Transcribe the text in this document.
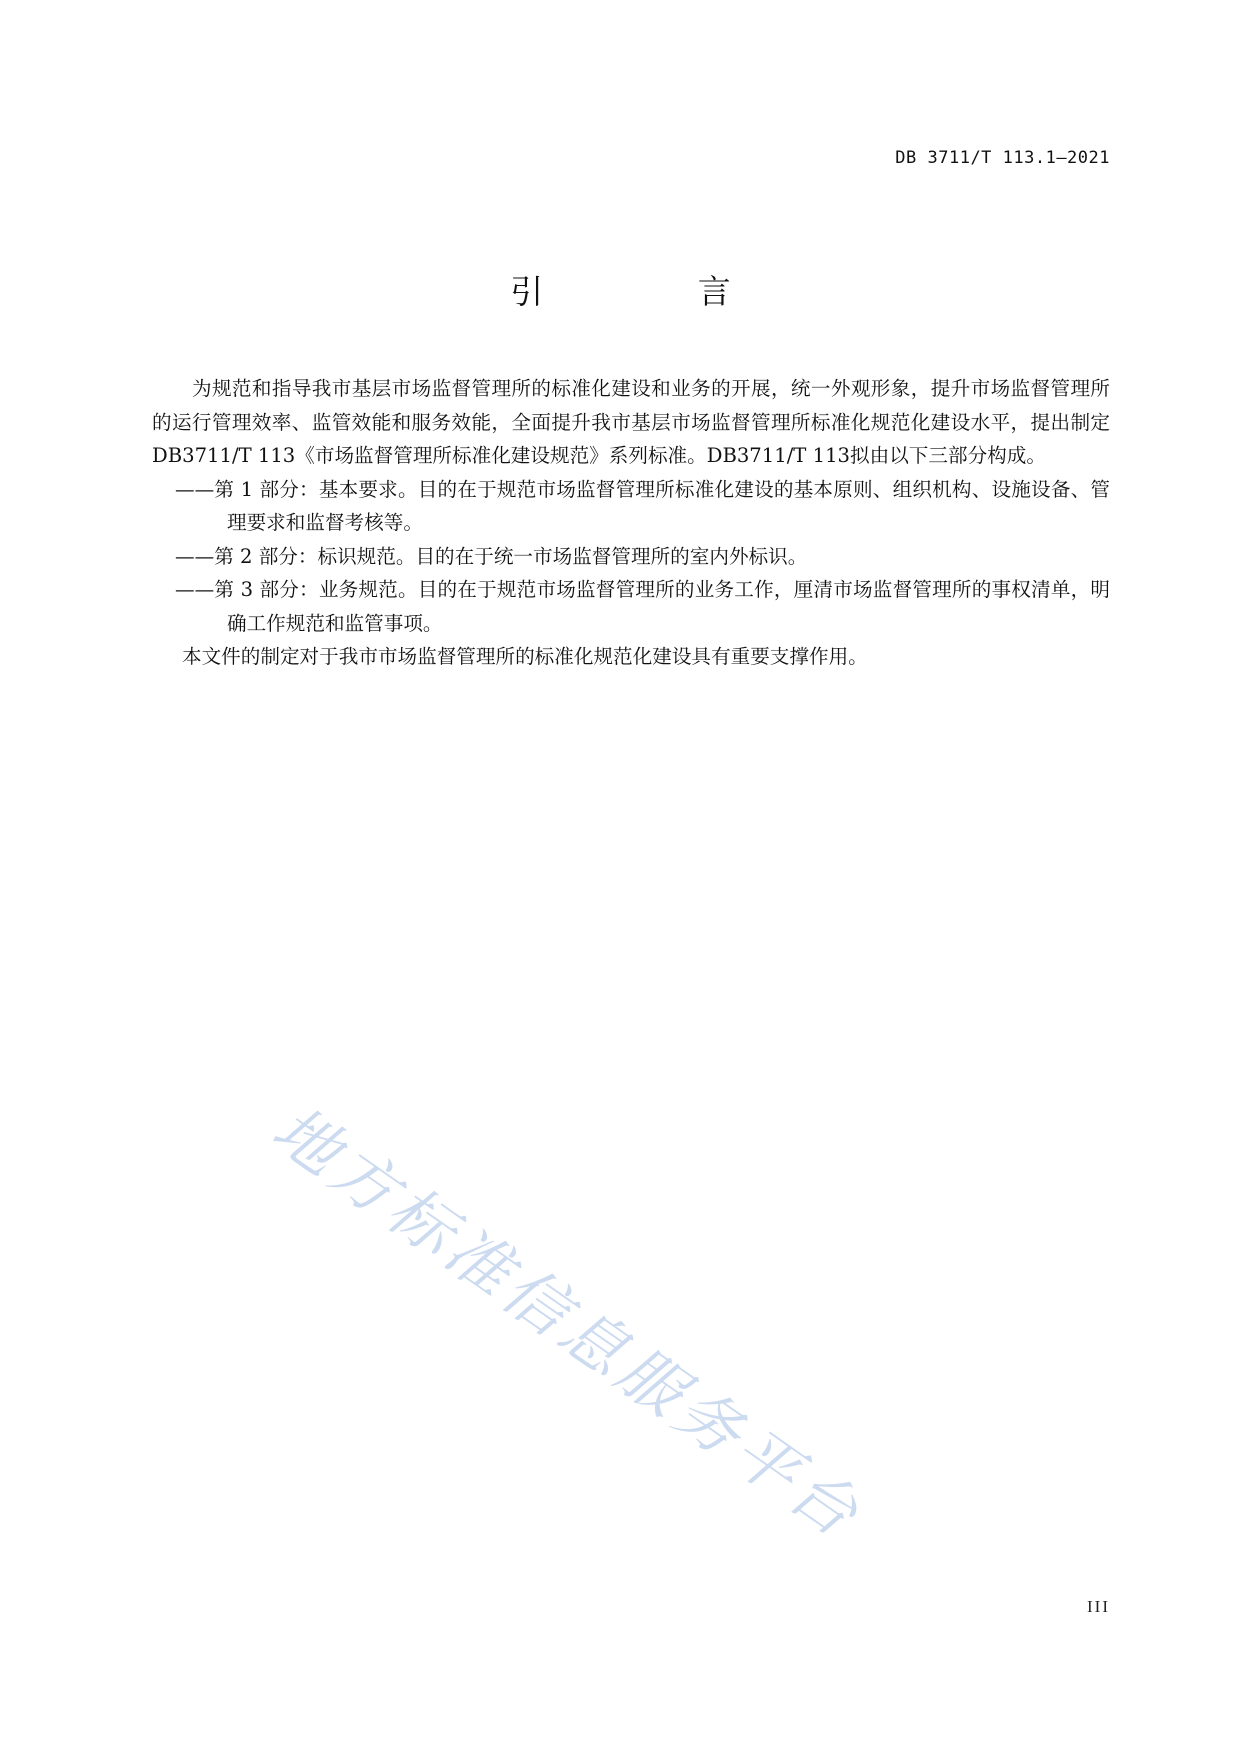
DB 3711/T 113.1—2021
引 言

为规范和指导我市基层市场监督管理所的标准化建设和业务的开展，统一外观形象，提升市场监督管理所的运行管理效率、监管效能和服务效能，全面提升我市基层市场监督管理所标准化规范化建设水平，提出制定DB3711/T 113《市场监督管理所标准化建设规范》系列标准。DB3711/T 113拟由以下三部分构成。

——第 1 部分：基本要求。目的在于规范市场监督管理所标准化建设的基本原则、组织机构、设施设备、管理要求和监督考核等。

——第 2 部分：标识规范。目的在于统一市场监督管理所的室内外标识。

——第 3 部分：业务规范。目的在于规范市场监督管理所的业务工作，厘清市场监督管理所的事权清单，明确工作规范和监管事项。

本文件的制定对于我市市场监督管理所的标准化规范化建设具有重要支撑作用。

地方标准信息服务平台
III
